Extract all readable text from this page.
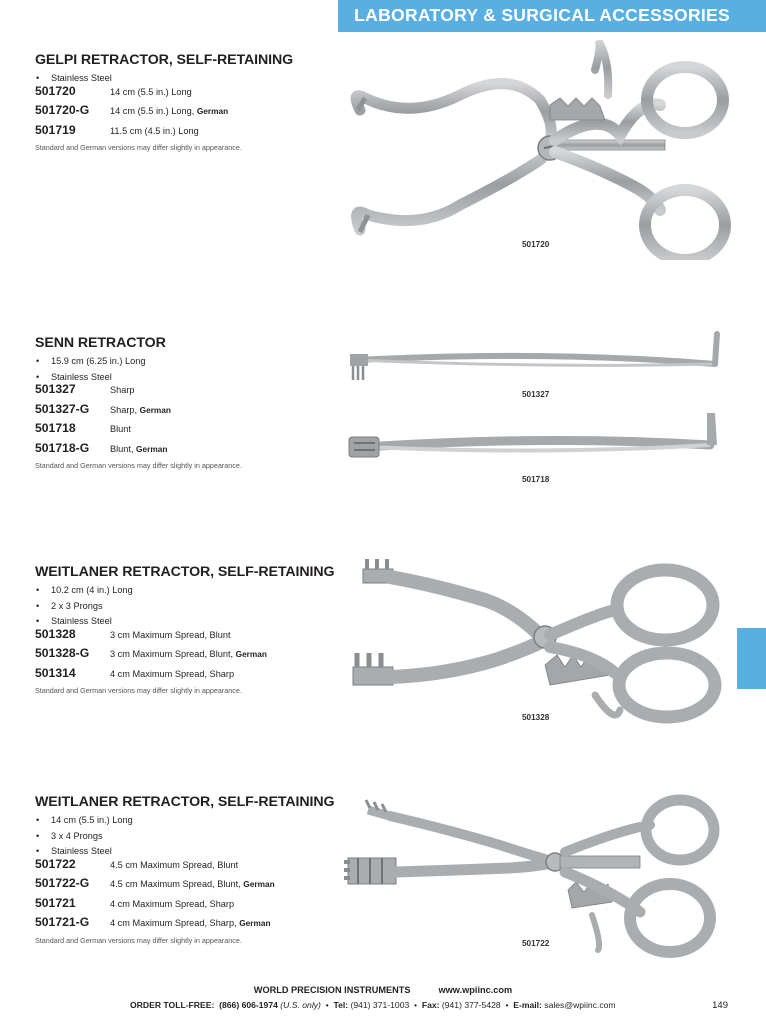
LABORATORY & SURGICAL ACCESSORIES
GELPI RETRACTOR, SELF-RETAINING
• Stainless Steel
501720	14 cm (5.5 in.) Long
501720-G	14 cm (5.5 in.) Long, German
501719	11.5 cm (4.5 in.) Long
Standard and German versions may differ slightly in appearance.
501720
SENN RETRACTOR
• 15.9 cm (6.25 in.) Long
• Stainless Steel
501327	Sharp
501327-G	Sharp, German
501718	Blunt
501718-G	Blunt, German
Standard and German versions may differ slightly in appearance.
501327
501718
WEITLANER RETRACTOR, SELF-RETAINING
• 10.2 cm (4 in.) Long
• 2 x 3 Prongs
• Stainless Steel
501328	3 cm Maximum Spread, Blunt
501328-G	3 cm Maximum Spread, Blunt, German
501314	4 cm Maximum Spread, Sharp
Standard and German versions may differ slightly in appearance.
501328
WEITLANER RETRACTOR, SELF-RETAINING
• 14 cm (5.5 in.) Long
• 3 x 4 Prongs
• Stainless Steel
501722	4.5 cm Maximum Spread, Blunt
501722-G	4.5 cm Maximum Spread, Blunt, German
501721	4 cm Maximum Spread, Sharp
501721-G	4 cm Maximum Spread, Sharp, German
Standard and German versions may differ slightly in appearance.	501722
WORLD PRECISION INSTRUMENTS	www.wpiinc.com
ORDER TOLL-FREE: (866) 606-1974 (U.S. only)  •  Tel: (941) 371-1003  •  Fax: (941) 377-5428  •  E-mail: sales@wpiinc.com	149
